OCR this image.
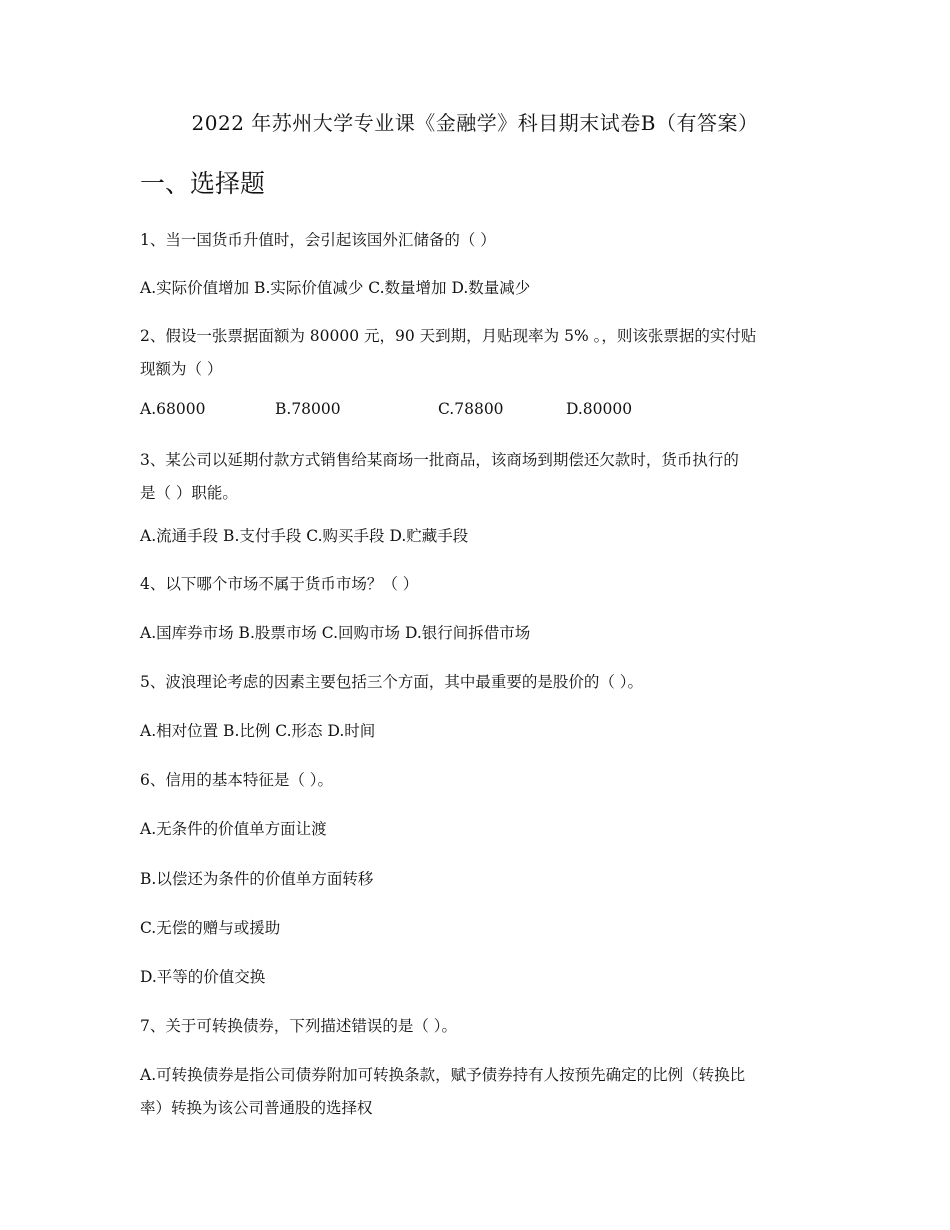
2022 年苏州大学专业课《金融学》科目期末试卷B（有答案）
一、选择题
1、当一国货币升值时，会引起该国外汇储备的（ ）
A.实际价值增加 B.实际价值减少 C.数量增加 D.数量减少
2、假设一张票据面额为 80000 元，90 天到期，月贴现率为 5% 。，则该张票据的实付贴
现额为（ ）
A.68000	B.78000	C.78800	D.80000
3、某公司以延期付款方式销售给某商场一批商品，该商场到期偿还欠款时，货币执行的
是（ ）职能。
A.流通手段 B.支付手段 C.购买手段 D.贮藏手段
4、以下哪个市场不属于货币市场？（ ）
A.国库券市场 B.股票市场 C.回购市场 D.银行间拆借市场
5、波浪理论考虑的因素主要包括三个方面，其中最重要的是股价的（ ）。
A.相对位置 B.比例 C.形态 D.时间
6、信用的基本特征是（ ）。
A.无条件的价值单方面让渡
B.以偿还为条件的价值单方面转移
C.无偿的赠与或援助
D.平等的价值交换
7、关于可转换债券，下列描述错误的是（ ）。
A.可转换债券是指公司债券附加可转换条款，赋予债券持有人按预先确定的比例（转换比
率）转换为该公司普通股的选择权
